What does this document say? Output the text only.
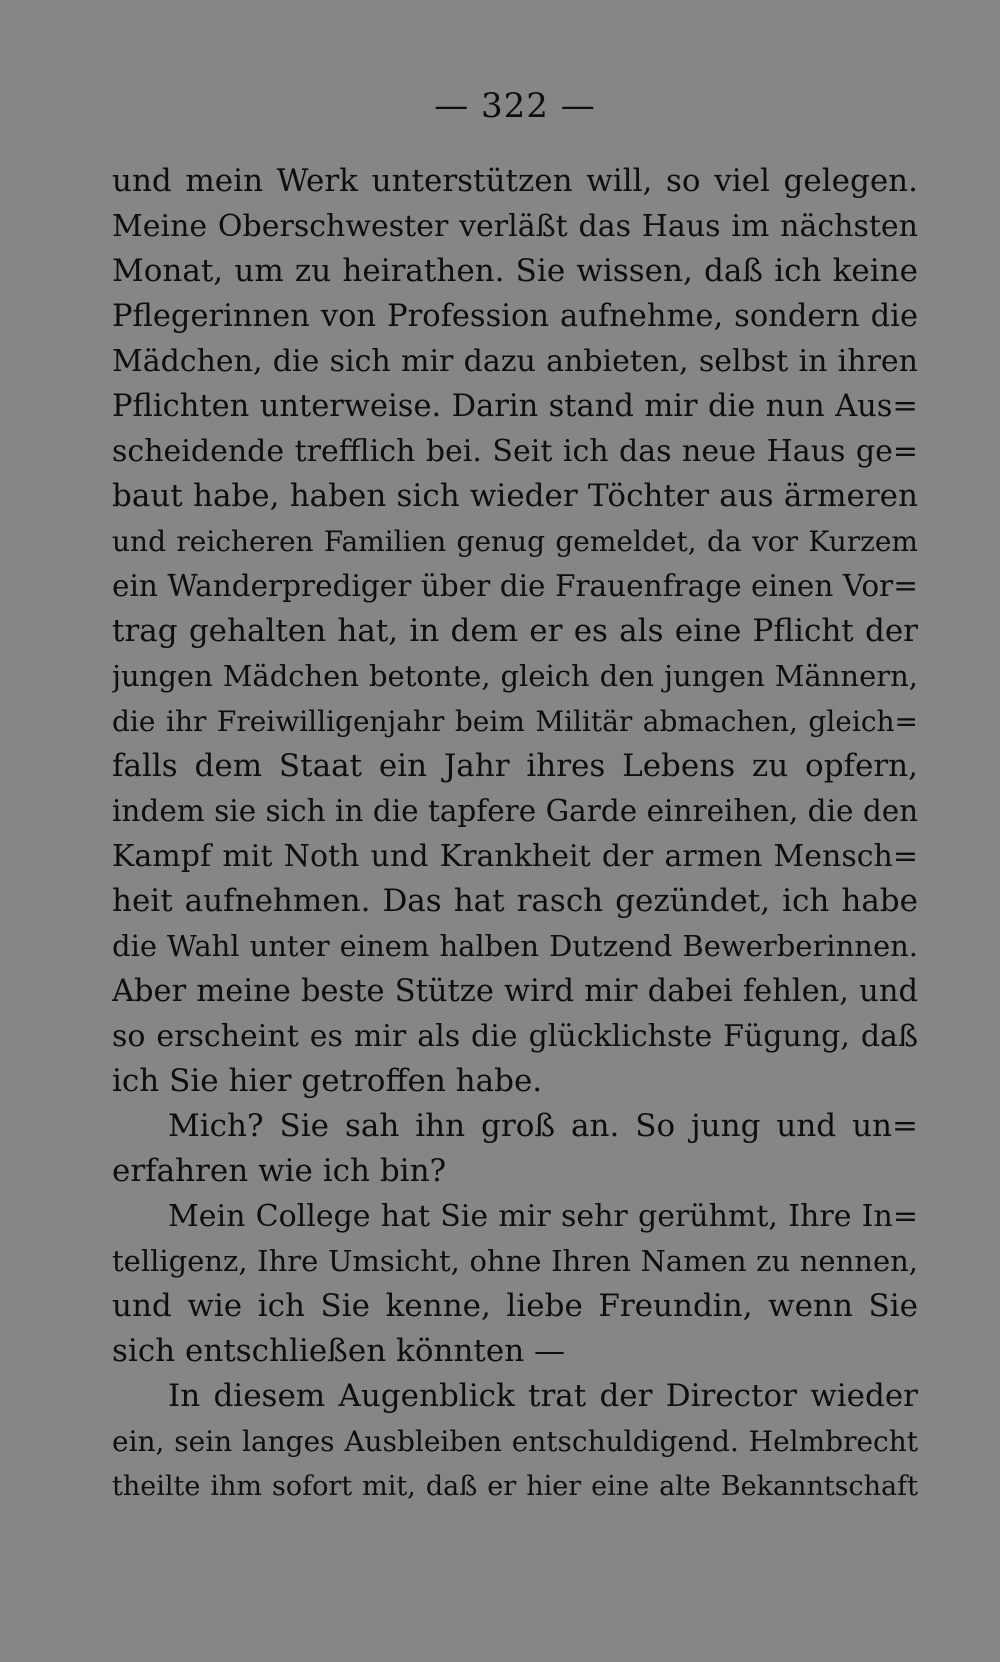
— 322 —
und mein Werk unterstützen will, so viel gelegen.
Meine Oberschwester verläßt das Haus im nächsten
Monat, um zu heirathen. Sie wissen, daß ich keine
Pflegerinnen von Profession aufnehme, sondern die
Mädchen, die sich mir dazu anbieten, selbst in ihren
Pflichten unterweise. Darin stand mir die nun Aus=
scheidende trefflich bei. Seit ich das neue Haus ge=
baut habe, haben sich wieder Töchter aus ärmeren
und reicheren Familien genug gemeldet, da vor Kurzem
ein Wanderprediger über die Frauenfrage einen Vor=
trag gehalten hat, in dem er es als eine Pflicht der
jungen Mädchen betonte, gleich den jungen Männern,
die ihr Freiwilligenjahr beim Militär abmachen, gleich=
falls dem Staat ein Jahr ihres Lebens zu opfern,
indem sie sich in die tapfere Garde einreihen, die den
Kampf mit Noth und Krankheit der armen Mensch=
heit aufnehmen. Das hat rasch gezündet, ich habe
die Wahl unter einem halben Dutzend Bewerberinnen.
Aber meine beste Stütze wird mir dabei fehlen, und
so erscheint es mir als die glücklichste Fügung, daß
ich Sie hier getroffen habe.
Mich? Sie sah ihn groß an. So jung und un=
erfahren wie ich bin?
Mein College hat Sie mir sehr gerühmt, Ihre In=
telligenz, Ihre Umsicht, ohne Ihren Namen zu nennen,
und wie ich Sie kenne, liebe Freundin, wenn Sie
sich entschließen könnten —
In diesem Augenblick trat der Director wieder
ein, sein langes Ausbleiben entschuldigend. Helmbrecht
theilte ihm sofort mit, daß er hier eine alte Bekanntschaft
